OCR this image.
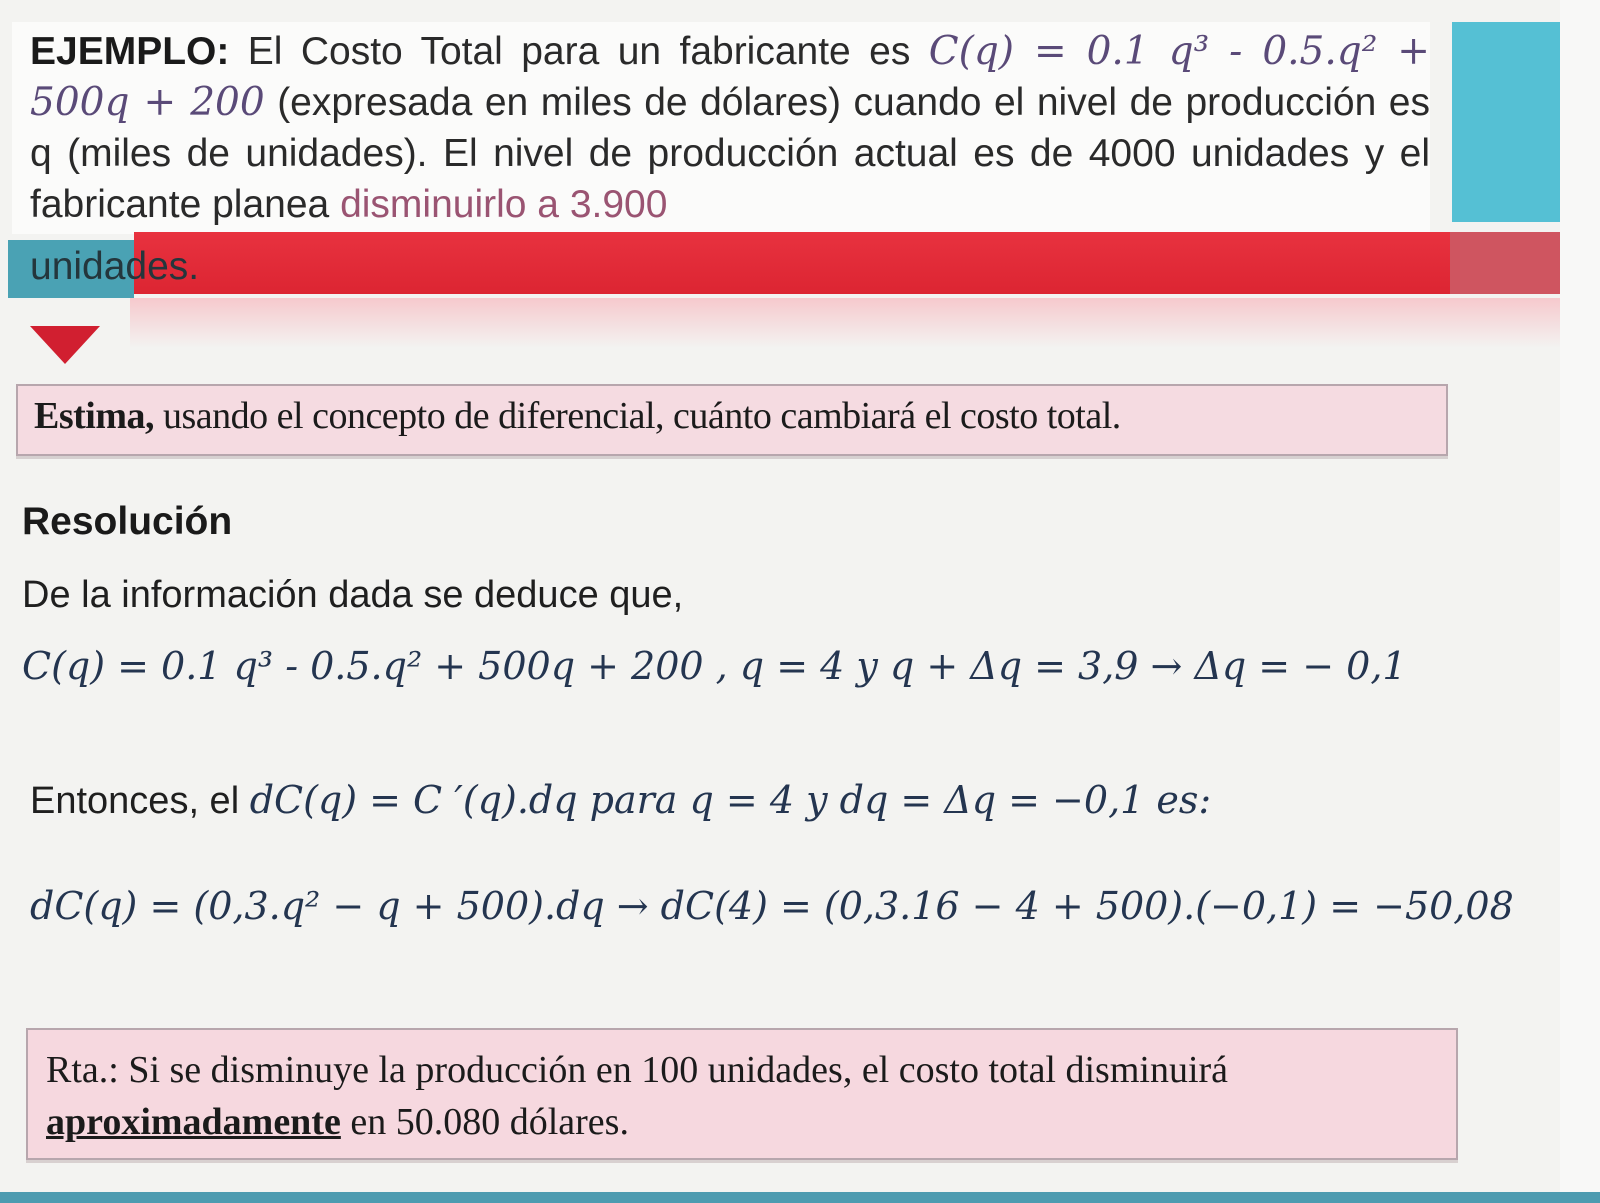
EJEMPLO: El Costo Total para un fabricante es C(q) = 0.1 q³ - 0.5.q² + 500q + 200 (expresada en miles de dólares) cuando el nivel de producción es q (miles de unidades). El nivel de producción actual es de 4000 unidades y el fabricante planea disminuirlo a 3.900
unidades.
Estima, usando el concepto de diferencial, cuánto cambiará el costo total.
Resolución
De la información dada se deduce que,
C(q) = 0.1 q³ - 0.5.q² + 500q + 200 , q = 4 y q + Δq = 3,9 → Δq = − 0,1
Entonces, el dC(q) = C ′(q).dq para q = 4 y dq = Δq = −0,1 es:
dC(q) = (0,3.q² − q + 500).dq → dC(4) = (0,3.16 − 4 + 500).(−0,1) = −50,08
Rta.: Si se disminuye la producción en 100 unidades, el costo total disminuirá aproximadamente en 50.080 dólares.
